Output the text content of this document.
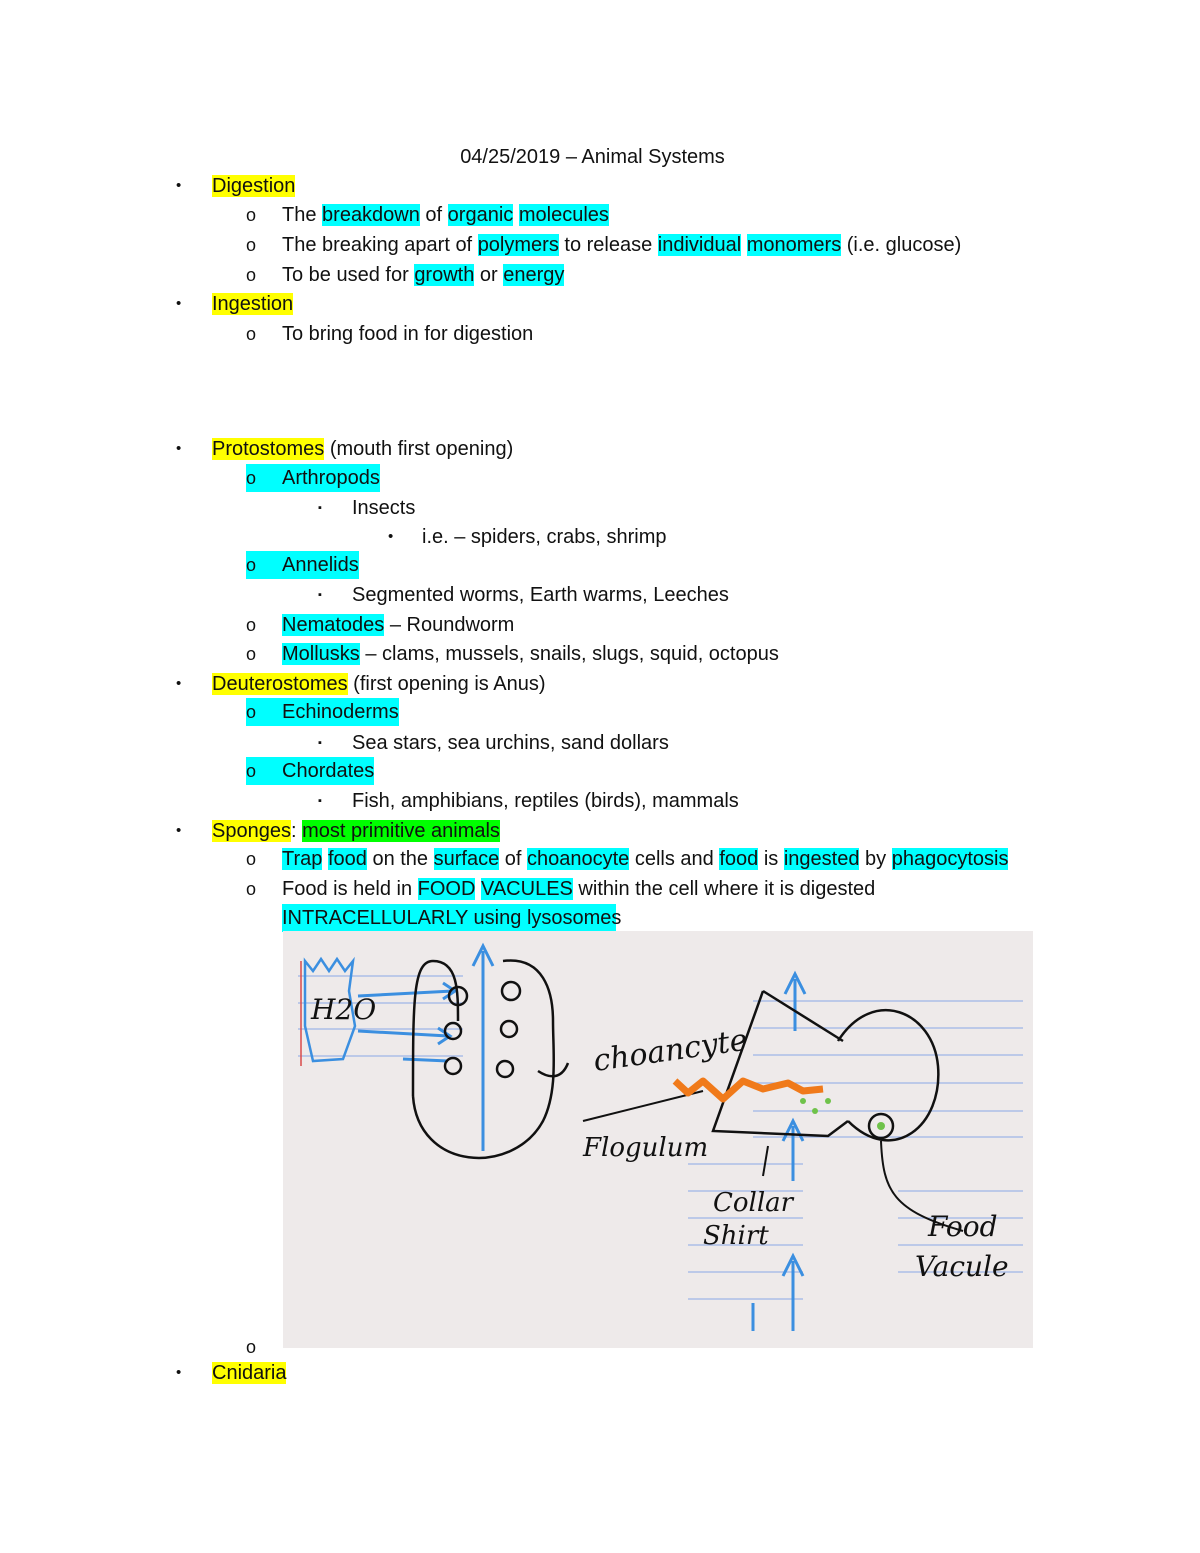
04/25/2019 – Animal Systems
• Digestion
o The breakdown of organic molecules
o The breaking apart of polymers to release individual monomers (i.e. glucose)
o To be used for growth or energy
• Ingestion
o To bring food in for digestion
• Protostomes (mouth first opening)
o Arthropods
▪ Insects
• i.e. – spiders, crabs, shrimp
o Annelids
▪ Segmented worms, Earth warms, Leeches
o Nematodes – Roundworm
o Mollusks – clams, mussels, snails, slugs, squid, octopus
• Deuterostomes (first opening is Anus)
o Echinoderms
▪ Sea stars, sea urchins, sand dollars
o Chordates
▪ Fish, amphibians, reptiles (birds), mammals
• Sponges: most primitive animals
o Trap food on the surface of choanocyte cells and food is ingested by phagocytosis
o Food is held in FOOD VACULES within the cell where it is digested
INTRACELLULARLY using lysosomes
H2O
choancyte
Flogulum
Collar
Shirt	Food
Vacule
o
• Cnidaria
